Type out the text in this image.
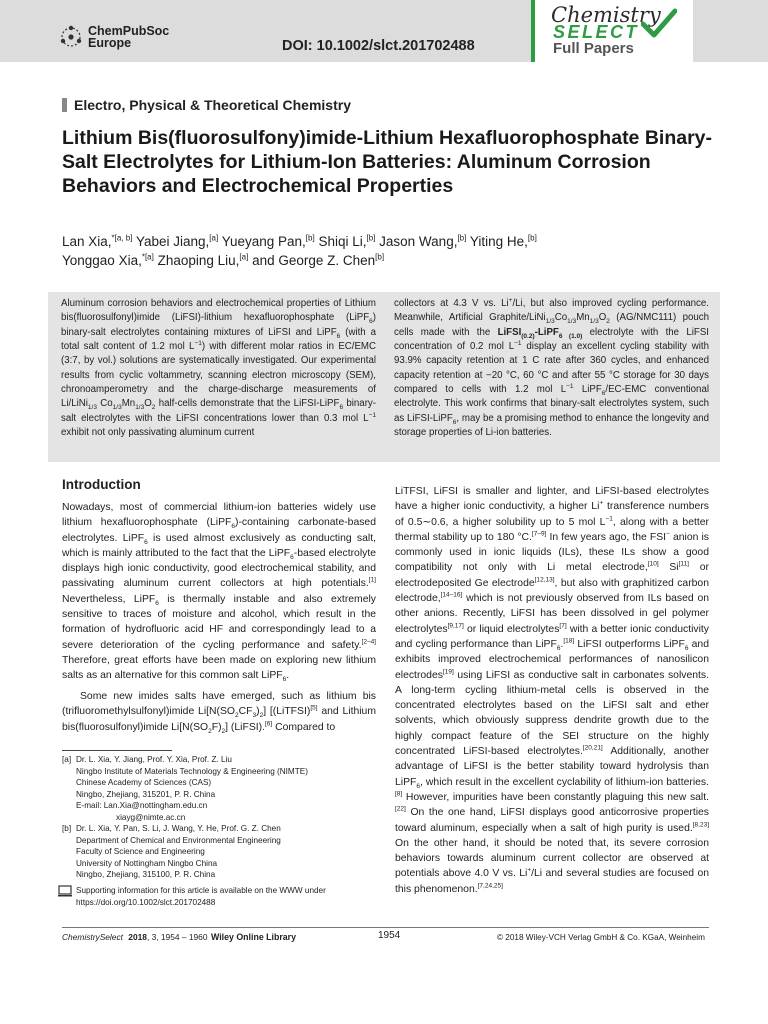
ChemPubSoc
Europe	DOI: 10.1002/slct.201702488
Chemistry
SELECT
Full Papers
Electro, Physical & Theoretical Chemistry
Lithium Bis(fluorosulfony)imide-Lithium Hexafluorophosphate Binary-Salt Electrolytes for Lithium-Ion Batteries: Aluminum Corrosion Behaviors and Electrochemical Properties
Lan Xia,$^{*[a, b]}$ Yabei Jiang,[a] Yueyang Pan,[b] Shiqi Li,[b] Jason Wang,[b] Yiting He,[b]
Yonggao Xia,$^{*[a]}$ Zhaoping Liu,[a] and George Z. Chen[b]

Aluminum corrosion behaviors and electrochemical properties of Lithium bis(fluorosulfonyl)imide (LiFSI)-lithium hexafluorophosphate (LiPF$_6$) binary-salt electrolytes containing mixtures of LiFSI and LiPF$_6$ (with a total salt content of 1.2 mol $L^{-1}$) with different molar ratios in EC/EMC (3:7, by vol.) solutions are systematically investigated. Our experimental results from cyclic voltammetry, scanning electron microscopy (SEM), chronoamperometry and the charge-discharge measurements of Li/LiNi$_{1/3}$ $Co_{1/3}Mn_{1/3}O_2$ half-cells demonstrate that the LiFSI-LiPF$_6$ binary-salt electrolytes with the LiFSI concentrations lower than 0.3 mol $L^{-1}$ exhibit not only passivating aluminum current

collectors at 4.3 V vs. Li+/Li, but also improved cycling performance. Meanwhile, Artificial Graphite/$LiNi_{1/3}Co_{1/3}Mn_{1/3}O_2$ (AG/NMC111) pouch cells made with the LiFSI$_{(0.2)}$-LiPF$_{6 (1.0)}$ electrolyte with the LiFSI concentration of 0.2 mol $L^{-1}$ display an excellent cycling stability with 93.9% capacity retention at 1 C rate after 360 cycles, and enhanced capacity retention at −20 °C, 60 °C and after 55 °C storage for 30 days compared to cells with 1.2 mol $L^{-1}$ LiPF$_6$/EC-EMC conventional electrolyte. This work confirms that binary-salt electrolytes system, such as LiFSI-LiPF$_6$, may be a promising method to enhance the longevity and storage properties of Li-ion batteries.

Introduction

Nowadays, most of commercial lithium-ion batteries widely use lithium hexafluorophosphate (LiPF$_6$)-containing carbonate-based electrolytes. LiPF$_6$ is used almost exclusively as conducting salt, which is mainly attributed to the fact that the LiPF$_6$-based electrolyte displays high ionic conductivity, good electrochemical stability, and passivating aluminum current collectors at high potentials.[1] Nevertheless, LiPF$_6$ is thermally instable and also extremely sensitive to traces of moisture and alcohol, which result in the formation of hydrofluoric acid HF and correspondingly lead to a severe deterioration of the cycling performance and safety.[2–4] Therefore, great efforts have been made on exploring new lithium salts as an alternative for this common salt LiPF$_6$.

Some new imides salts have emerged, such as lithium bis (trifluoromethylsulfonyl)imide $Li[N(SO_2CF_3)_2]$ [(LiTFSI)[5] and Lithium bis(fluorosulfonyl)imide $Li[N(SO_2F)_2]$ (LiFSI).[6] Compared to

LiTFSI, LiFSI is smaller and lighter, and LiFSI-based electrolytes have a higher ionic conductivity, a higher Li+ transference numbers of 0.5∼0.6, a higher solubility up to 5 mol $L^{-1}$, along with a better thermal stability up to 180 °C.[7–9] In few years ago, the FSI− anion is commonly used in ionic liquids (ILs), these ILs show a good compatibility not only with Li metal electrode,[10] Si[11] or electrodeposited Ge electrode[12,13], but also with graphitized carbon electrode,[14–16] which is not previously observed from ILs based on other anions. Recently, LiFSI has been dissolved in gel polymer electrolytes[9,17] or liquid electrolytes[7] with a better ionic conductivity and cycling performance than LiPF$_6$.[18] LiFSI outperforms LiPF$_6$ and exhibits improved electrochemical performances of nanosilicon electrodes[19] using LiFSI as conductive salt in carbonates solvents. A long-term cycling lithium-metal cells is observed in the concentrated electrolytes based on the LiFSI salt and ether solvents, which obviously suppress dendrite growth due to the highly compact feature of the SEI structure on the highly concentrated LiFSI-based electrolytes.[20,21] Additionally, another advantage of LiFSI is the better stability toward hydrolysis than LiPF$_6$, which result in the excellent cyclability of lithium-ion batteries.[8] However, impurities have been constantly plaguing this new salt.[22] On the one hand, LiFSI displays good anticorrosive properties toward aluminum, especially when a salt of high purity is used.[8,23] On the other hand, it should be noted that, its severe corrosion behaviors towards aluminum current collector are observed at potentials above 4.0 V vs. Li+/Li and several studies are focused on this phenomenon.[7,24,25]

[a] Dr. L. Xia, Y. Jiang, Prof. Y. Xia, Prof. Z. Liu
Ningbo Institute of Materials Technology & Engineering (NIMTE)
Chinese Academy of Sciences (CAS)
Ningbo, Zhejiang, 315201, P. R. China
E-mail: Lan.Xia@nottingham.edu.cn
xiayg@nimte.ac.cn
[b] Dr. L. Xia, Y. Pan, S. Li, J. Wang, Y. He, Prof. G. Z. Chen
Department of Chemical and Environmental Engineering
Faculty of Science and Engineering
University of Nottingham Ningbo China
Ningbo, Zhejiang, 315100, P. R. China
Supporting information for this article is available on the WWW under https://doi.org/10.1002/slct.201702488
ChemistrySelect 2018, 3, 1954 – 1960 Wiley Online Library	1954	© 2018 Wiley-VCH Verlag GmbH & Co. KGaA, Weinheim
